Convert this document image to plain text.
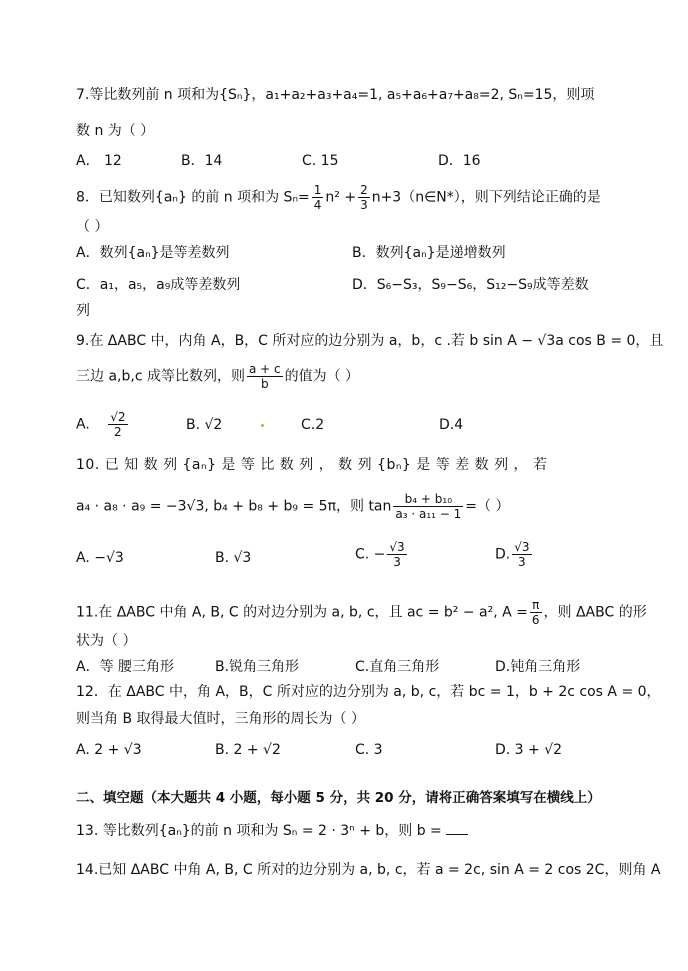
7.等比数列前 n 项和为{Sₙ}，a₁+a₂+a₃+a₄=1, a₅+a₆+a₇+a₈=2, Sₙ=15，则项
数 n 为（ ）
A． 12	B．14	C. 15	D．16
8．已知数列{aₙ} 的前 n 项和为 $S_n= \frac{1}{4} n^2 + \frac{2}{3}$ n+3（n∈N*），则下列结论正确的是
（ ）
A．数列{aₙ}是等差数列	B．数列{aₙ}是递增数列
C．a₁，a₅，a₉成等差数列	D．S₆−S₃，S₉−S₆，S₁₂−S₉成等差数
列
9.在 ΔABC 中，内角 A，B，C 所对应的边分别为 a，b，c .若 b sin A − √3a cos B = 0，且
三边 a,b,c 成等比数列，则 $\frac{a + c}{b}$ 的值为（ ）
A. $\frac{√2}{2}$	B. √2	C.2	D.4
10. 已 知 数 列 {aₙ} 是 等 比 数 列 ， 数 列 {bₙ} 是 等 差 数 列 ， 若
a₄ · a₈ · a₉ = −3√3, b₄ + b₈ + b₉ = 5π，则 $\tan \frac{\text{b₄ + b₁₀}}{\text{a₃ · a₁₁ − 1}}$ =（ ）
A. −√3	B. √3	C. − $\frac{√3}{3}$	D. $\frac{√3}{3}$
11.在 ΔABC 中角 A, B, C 的对边分别为 a, b, c，且 ac = b² − a², $A = \frac{\pi}{6}$ ，则 ΔABC 的形
状为（ ）
A．等 腰三角形	B.锐角三角形	C.直角三角形	D.钝角三角形
12．在 ΔABC 中，角 A，B，C 所对应的边分别为 a, b, c，若 bc = 1，b + 2c cos A = 0，
则当角 B 取得最大值时，三角形的周长为（ ）
A. 2 + √3	B. 2 + √2	C. 3	D. 3 + √2
二、填空题（本大题共 4 小题，每小题 5 分，共 20 分，请将正确答案填写在横线上）
13. 等比数列{aₙ}的前 n 项和为 Sₙ = 2 · 3ⁿ + b，则 b =
14.已知 ΔABC 中角 A, B, C 所对的边分别为 a, b, c，若 a = 2c, sin A = 2 cos 2C，则角 A
